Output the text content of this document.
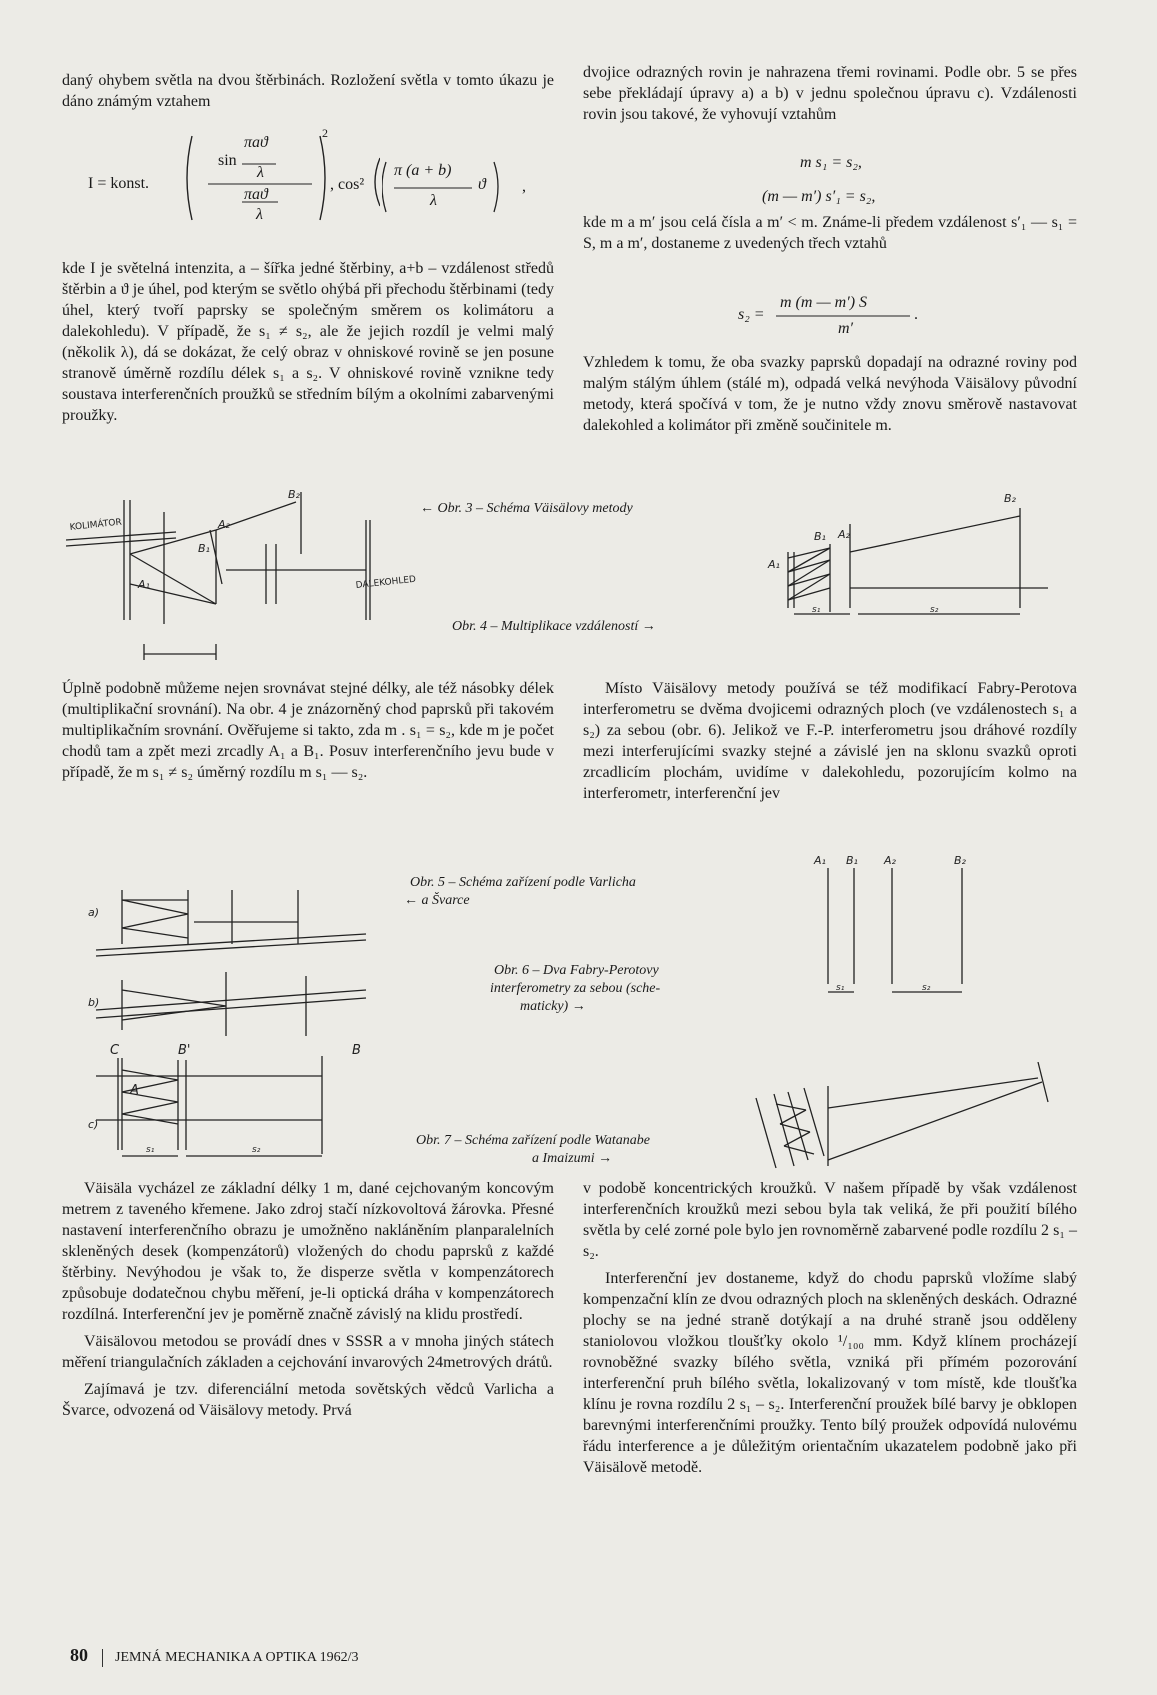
daný ohybem světla na dvou štěrbinách. Rozložení světla v tomto úkazu je dáno známým vztahem

I = konst.
sin
πaϑ
λ
πaϑ
λ
2
, cos²
π (a + b)
λ
ϑ ,

kde I je světelná intenzita, a – šířka jedné štěrbiny, a+b – vzdálenost středů štěrbin a ϑ je úhel, pod kterým se světlo ohýbá při přechodu štěrbinami (tedy úhel, který tvoří paprsky se společným směrem os kolimátoru a dalekohledu). V případě, že s₁ ≠ s₂, ale že jejich rozdíl je velmi malý (několik λ), dá se dokázat, že celý obraz v ohniskové rovině se jen posune stranově úměrně rozdílu délek s₁ a s₂. V ohniskové rovině vznikne tedy soustava interferenčních proužků se středním bílým a okolními zabarvenými proužky.

dvojice odrazných rovin je nahrazena třemi rovinami. Podle obr. 5 se přes sebe překládají úpravy a) a b) v jednu společnou úpravu c). Vzdálenosti rovin jsou takové, že vyhovují vztahům

m s₁ = s₂,
(m — m′) s′₁ = s₂,

kde m a m′ jsou celá čísla a m′ < m. Známe-li předem vzdálenost s′₁ — s₁ = S, m a m′, dostaneme z uvedených třech vztahů

s₂ =
m (m — m′) S
m′
.

Vzhledem k tomu, že oba svazky paprsků dopadají na odrazné roviny pod malým stálým úhlem (stálé m), odpadá velká nevýhoda Väisälovy původní metody, která spočívá v tom, že je nutno vždy znovu směrově nastavovat dalekohled a kolimátor při změně součinitele m.

KOLIMÁTOR
DALEKOHLED
B₂
A₂
B₁
A₁
← Obr. 3 – Schéma Väisälovy metody
B₂
B₁ A₂
A₁
s₁	s₂
Obr. 4 – Multiplikace vzdáleností →

Úplně podobně můžeme nejen srovnávat stejné délky, ale též násobky délek (multiplikační srovnání). Na obr. 4 je znázorněný chod paprsků při takovém multiplikačním srovnání. Ověřujeme si takto, zda m . s₁ = s₂, kde m je počet chodů tam a zpět mezi zrcadly A₁ a B₁. Posuv interferenčního jevu bude v případě, že m s₁ ≠ s₂ úměrný rozdílu m s₁ — s₂.

Místo Väisälovy metody používá se též modifikací Fabry-Perotova interferometru se dvěma dvojicemi odrazných ploch (ve vzdálenostech s₁ a s₂) za sebou (obr. 6). Jelikož ve F.-P. interferometru jsou dráhové rozdíly mezi interferujícími svazky stejné a závislé jen na sklonu svazků oproti zrcadlicím plochám, uvidíme v dalekohledu, pozorujícím kolmo na interferometr, interferenční jev

a)
b)
c)
C	B'	B
A
s₁	s₂
Obr. 5 – Schéma zařízení podle Varlicha
← a Švarce
A₁ B₁ A₂	B₂
s₁	s₂
Obr. 6 – Dva Fabry-Perotovy
interferometry za sebou (sche-
maticky) →
Obr. 7 – Schéma zařízení podle Watanabe
a Imaizumi →

Väisäla vycházel ze základní délky 1 m, dané cejchovaným koncovým metrem z taveného křemene. Jako zdroj stačí nízkovoltová žárovka. Přesné nastavení interferenčního obrazu je umožněno nakláněním planparalelních skleněných desek (kompenzátorů) vložených do chodu paprsků z každé štěrbiny. Nevýhodou je však to, že disperze světla v kompenzátorech způsobuje dodatečnou chybu měření, je-li optická dráha v kompenzátorech rozdílná. Interferenční jev je poměrně značně závislý na klidu prostředí.

Väisälovou metodou se provádí dnes v SSSR a v mnoha jiných státech měření triangulačních základen a cejchování invarových 24metrových drátů.

Zajímavá je tzv. diferenciální metoda sovětských vědců Varlicha a Švarce, odvozená od Väisälovy metody. Prvá

v podobě koncentrických kroužků. V našem případě by však vzdálenost interferenčních kroužků mezi sebou byla tak veliká, že při použití bílého světla by celé zorné pole bylo jen rovnoměrně zabarvené podle rozdílu 2 s₁ – s₂.

Interferenční jev dostaneme, když do chodu paprsků vložíme slabý kompenzační klín ze dvou odrazných ploch na skleněných deskách. Odrazné plochy se na jedné straně dotýkají a na druhé straně jsou odděleny staniolovou vložkou tloušťky okolo ¹/₁₀₀ mm. Když klínem procházejí rovnoběžné svazky bílého světla, vzniká při přímém pozorování interferenční pruh bílého světla, lokalizovaný v tom místě, kde tloušťka klínu je rovna rozdílu 2 s₁ – s₂. Interferenční proužek bílé barvy je obklopen barevnými interferenčními proužky. Tento bílý proužek odpovídá nulovému řádu interference a je důležitým orientačním ukazatelem podobně jako při Väisälově metodě.

80 JEMNÁ MECHANIKA A OPTIKA 1962/3
